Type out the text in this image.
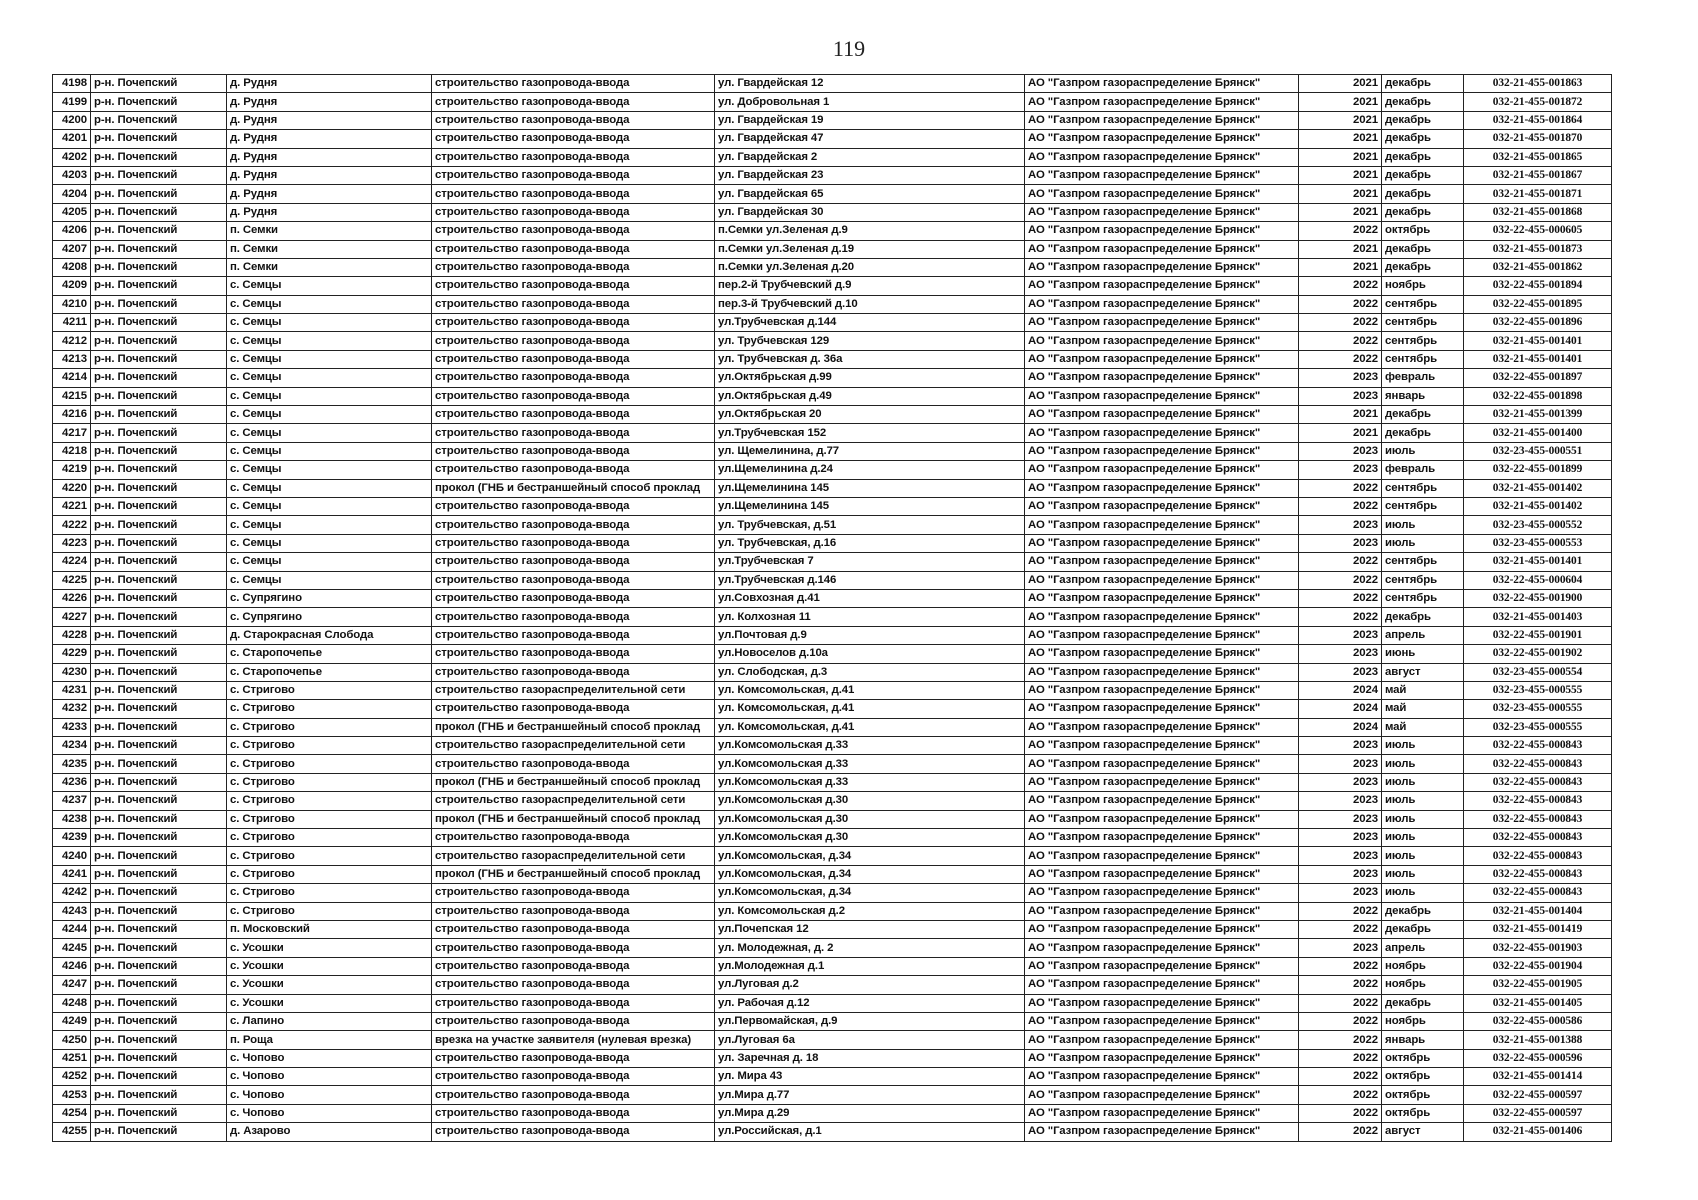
119
4198	р-н. Почепский	д. Рудня	строительство газопровода-ввода	ул. Гвардейская 12	АО "Газпром газораспределение Брянск"	2021	декабрь	032-21-455-001863
4199	р-н. Почепский	д. Рудня	строительство газопровода-ввода	ул. Добровольная 1	АО "Газпром газораспределение Брянск"	2021	декабрь	032-21-455-001872
4200	р-н. Почепский	д. Рудня	строительство газопровода-ввода	ул. Гвардейская 19	АО "Газпром газораспределение Брянск"	2021	декабрь	032-21-455-001864
4201	р-н. Почепский	д. Рудня	строительство газопровода-ввода	ул. Гвардейская 47	АО "Газпром газораспределение Брянск"	2021	декабрь	032-21-455-001870
4202	р-н. Почепский	д. Рудня	строительство газопровода-ввода	ул. Гвардейская 2	АО "Газпром газораспределение Брянск"	2021	декабрь	032-21-455-001865
4203	р-н. Почепский	д. Рудня	строительство газопровода-ввода	ул. Гвардейская 23	АО "Газпром газораспределение Брянск"	2021	декабрь	032-21-455-001867
4204	р-н. Почепский	д. Рудня	строительство газопровода-ввода	ул. Гвардейская 65	АО "Газпром газораспределение Брянск"	2021	декабрь	032-21-455-001871
4205	р-н. Почепский	д. Рудня	строительство газопровода-ввода	ул. Гвардейская 30	АО "Газпром газораспределение Брянск"	2021	декабрь	032-21-455-001868
4206	р-н. Почепский	п. Семки	строительство газопровода-ввода	п.Семки ул.Зеленая д.9	АО "Газпром газораспределение Брянск"	2022	октябрь	032-22-455-000605
4207	р-н. Почепский	п. Семки	строительство газопровода-ввода	п.Семки ул.Зеленая д.19	АО "Газпром газораспределение Брянск"	2021	декабрь	032-21-455-001873
4208	р-н. Почепский	п. Семки	строительство газопровода-ввода	п.Семки ул.Зеленая д.20	АО "Газпром газораспределение Брянск"	2021	декабрь	032-21-455-001862
4209	р-н. Почепский	с. Семцы	строительство газопровода-ввода	пер.2-й Трубчевский д.9	АО "Газпром газораспределение Брянск"	2022	ноябрь	032-22-455-001894
4210	р-н. Почепский	с. Семцы	строительство газопровода-ввода	пер.3-й Трубчевский д.10	АО "Газпром газораспределение Брянск"	2022	сентябрь	032-22-455-001895
4211	р-н. Почепский	с. Семцы	строительство газопровода-ввода	ул.Трубчевская д.144	АО "Газпром газораспределение Брянск"	2022	сентябрь	032-22-455-001896
4212	р-н. Почепский	с. Семцы	строительство газопровода-ввода	ул. Трубчевская 129	АО "Газпром газораспределение Брянск"	2022	сентябрь	032-21-455-001401
4213	р-н. Почепский	с. Семцы	строительство газопровода-ввода	ул. Трубчевская д. 36а	АО "Газпром газораспределение Брянск"	2022	сентябрь	032-21-455-001401
4214	р-н. Почепский	с. Семцы	строительство газопровода-ввода	ул.Октябрьская д.99	АО "Газпром газораспределение Брянск"	2023	февраль	032-22-455-001897
4215	р-н. Почепский	с. Семцы	строительство газопровода-ввода	ул.Октябрьская д.49	АО "Газпром газораспределение Брянск"	2023	январь	032-22-455-001898
4216	р-н. Почепский	с. Семцы	строительство газопровода-ввода	ул.Октябрьская 20	АО "Газпром газораспределение Брянск"	2021	декабрь	032-21-455-001399
4217	р-н. Почепский	с. Семцы	строительство газопровода-ввода	ул.Трубчевская 152	АО "Газпром газораспределение Брянск"	2021	декабрь	032-21-455-001400
4218	р-н. Почепский	с. Семцы	строительство газопровода-ввода	ул. Щемелинина, д.77	АО "Газпром газораспределение Брянск"	2023	июль	032-23-455-000551
4219	р-н. Почепский	с. Семцы	строительство газопровода-ввода	ул.Щемелинина д.24	АО "Газпром газораспределение Брянск"	2023	февраль	032-22-455-001899
4220	р-н. Почепский	с. Семцы	прокол (ГНБ и бестраншейный способ проклад	ул.Щемелинина 145	АО "Газпром газораспределение Брянск"	2022	сентябрь	032-21-455-001402
4221	р-н. Почепский	с. Семцы	строительство газопровода-ввода	ул.Щемелинина 145	АО "Газпром газораспределение Брянск"	2022	сентябрь	032-21-455-001402
4222	р-н. Почепский	с. Семцы	строительство газопровода-ввода	ул. Трубчевская, д.51	АО "Газпром газораспределение Брянск"	2023	июль	032-23-455-000552
4223	р-н. Почепский	с. Семцы	строительство газопровода-ввода	ул. Трубчевская, д.16	АО "Газпром газораспределение Брянск"	2023	июль	032-23-455-000553
4224	р-н. Почепский	с. Семцы	строительство газопровода-ввода	ул.Трубчевская 7	АО "Газпром газораспределение Брянск"	2022	сентябрь	032-21-455-001401
4225	р-н. Почепский	с. Семцы	строительство газопровода-ввода	ул.Трубчевская д.146	АО "Газпром газораспределение Брянск"	2022	сентябрь	032-22-455-000604
4226	р-н. Почепский	с. Супрягино	строительство газопровода-ввода	ул.Совхозная д.41	АО "Газпром газораспределение Брянск"	2022	сентябрь	032-22-455-001900
4227	р-н. Почепский	с. Супрягино	строительство газопровода-ввода	ул. Колхозная 11	АО "Газпром газораспределение Брянск"	2022	декабрь	032-21-455-001403
4228	р-н. Почепский	д. Старокрасная Слобода	строительство газопровода-ввода	ул.Почтовая д.9	АО "Газпром газораспределение Брянск"	2023	апрель	032-22-455-001901
4229	р-н. Почепский	с. Старопочепье	строительство газопровода-ввода	ул.Новоселов д.10а	АО "Газпром газораспределение Брянск"	2023	июнь	032-22-455-001902
4230	р-н. Почепский	с. Старопочепье	строительство газопровода-ввода	ул. Слободская, д.3	АО "Газпром газораспределение Брянск"	2023	август	032-23-455-000554
4231	р-н. Почепский	с. Стригово	строительство газораспределительной сети	ул. Комсомольская, д.41	АО "Газпром газораспределение Брянск"	2024	май	032-23-455-000555
4232	р-н. Почепский	с. Стригово	строительство газопровода-ввода	ул. Комсомольская, д.41	АО "Газпром газораспределение Брянск"	2024	май	032-23-455-000555
4233	р-н. Почепский	с. Стригово	прокол (ГНБ и бестраншейный способ проклад	ул. Комсомольская, д.41	АО "Газпром газораспределение Брянск"	2024	май	032-23-455-000555
4234	р-н. Почепский	с. Стригово	строительство газораспределительной сети	ул.Комсомольская д.33	АО "Газпром газораспределение Брянск"	2023	июль	032-22-455-000843
4235	р-н. Почепский	с. Стригово	строительство газопровода-ввода	ул.Комсомольская д.33	АО "Газпром газораспределение Брянск"	2023	июль	032-22-455-000843
4236	р-н. Почепский	с. Стригово	прокол (ГНБ и бестраншейный способ проклад	ул.Комсомольская д.33	АО "Газпром газораспределение Брянск"	2023	июль	032-22-455-000843
4237	р-н. Почепский	с. Стригово	строительство газораспределительной сети	ул.Комсомольская д.30	АО "Газпром газораспределение Брянск"	2023	июль	032-22-455-000843
4238	р-н. Почепский	с. Стригово	прокол (ГНБ и бестраншейный способ проклад	ул.Комсомольская д.30	АО "Газпром газораспределение Брянск"	2023	июль	032-22-455-000843
4239	р-н. Почепский	с. Стригово	строительство газопровода-ввода	ул.Комсомольская д.30	АО "Газпром газораспределение Брянск"	2023	июль	032-22-455-000843
4240	р-н. Почепский	с. Стригово	строительство газораспределительной сети	ул.Комсомольская, д.34	АО "Газпром газораспределение Брянск"	2023	июль	032-22-455-000843
4241	р-н. Почепский	с. Стригово	прокол (ГНБ и бестраншейный способ проклад	ул.Комсомольская, д.34	АО "Газпром газораспределение Брянск"	2023	июль	032-22-455-000843
4242	р-н. Почепский	с. Стригово	строительство газопровода-ввода	ул.Комсомольская, д.34	АО "Газпром газораспределение Брянск"	2023	июль	032-22-455-000843
4243	р-н. Почепский	с. Стригово	строительство газопровода-ввода	ул. Комсомольская д.2	АО "Газпром газораспределение Брянск"	2022	декабрь	032-21-455-001404
4244	р-н. Почепский	п. Московский	строительство газопровода-ввода	ул.Почепская 12	АО "Газпром газораспределение Брянск"	2022	декабрь	032-21-455-001419
4245	р-н. Почепский	с. Усошки	строительство газопровода-ввода	ул. Молодежная, д. 2	АО "Газпром газораспределение Брянск"	2023	апрель	032-22-455-001903
4246	р-н. Почепский	с. Усошки	строительство газопровода-ввода	ул.Молодежная д.1	АО "Газпром газораспределение Брянск"	2022	ноябрь	032-22-455-001904
4247	р-н. Почепский	с. Усошки	строительство газопровода-ввода	ул.Луговая д.2	АО "Газпром газораспределение Брянск"	2022	ноябрь	032-22-455-001905
4248	р-н. Почепский	с. Усошки	строительство газопровода-ввода	ул. Рабочая д.12	АО "Газпром газораспределение Брянск"	2022	декабрь	032-21-455-001405
4249	р-н. Почепский	с. Лапино	строительство газопровода-ввода	ул.Первомайская, д.9	АО "Газпром газораспределение Брянск"	2022	ноябрь	032-22-455-000586
4250	р-н. Почепский	п. Роща	врезка на участке заявителя (нулевая врезка)	ул.Луговая 6а	АО "Газпром газораспределение Брянск"	2022	январь	032-21-455-001388
4251	р-н. Почепский	с. Чопово	строительство газопровода-ввода	ул. Заречная д. 18	АО "Газпром газораспределение Брянск"	2022	октябрь	032-22-455-000596
4252	р-н. Почепский	с. Чопово	строительство газопровода-ввода	ул. Мира 43	АО "Газпром газораспределение Брянск"	2022	октябрь	032-21-455-001414
4253	р-н. Почепский	с. Чопово	строительство газопровода-ввода	ул.Мира д.77	АО "Газпром газораспределение Брянск"	2022	октябрь	032-22-455-000597
4254	р-н. Почепский	с. Чопово	строительство газопровода-ввода	ул.Мира д.29	АО "Газпром газораспределение Брянск"	2022	октябрь	032-22-455-000597
4255	р-н. Почепский	д. Азарово	строительство газопровода-ввода	ул.Российская, д.1	АО "Газпром газораспределение Брянск"	2022	август	032-21-455-001406
